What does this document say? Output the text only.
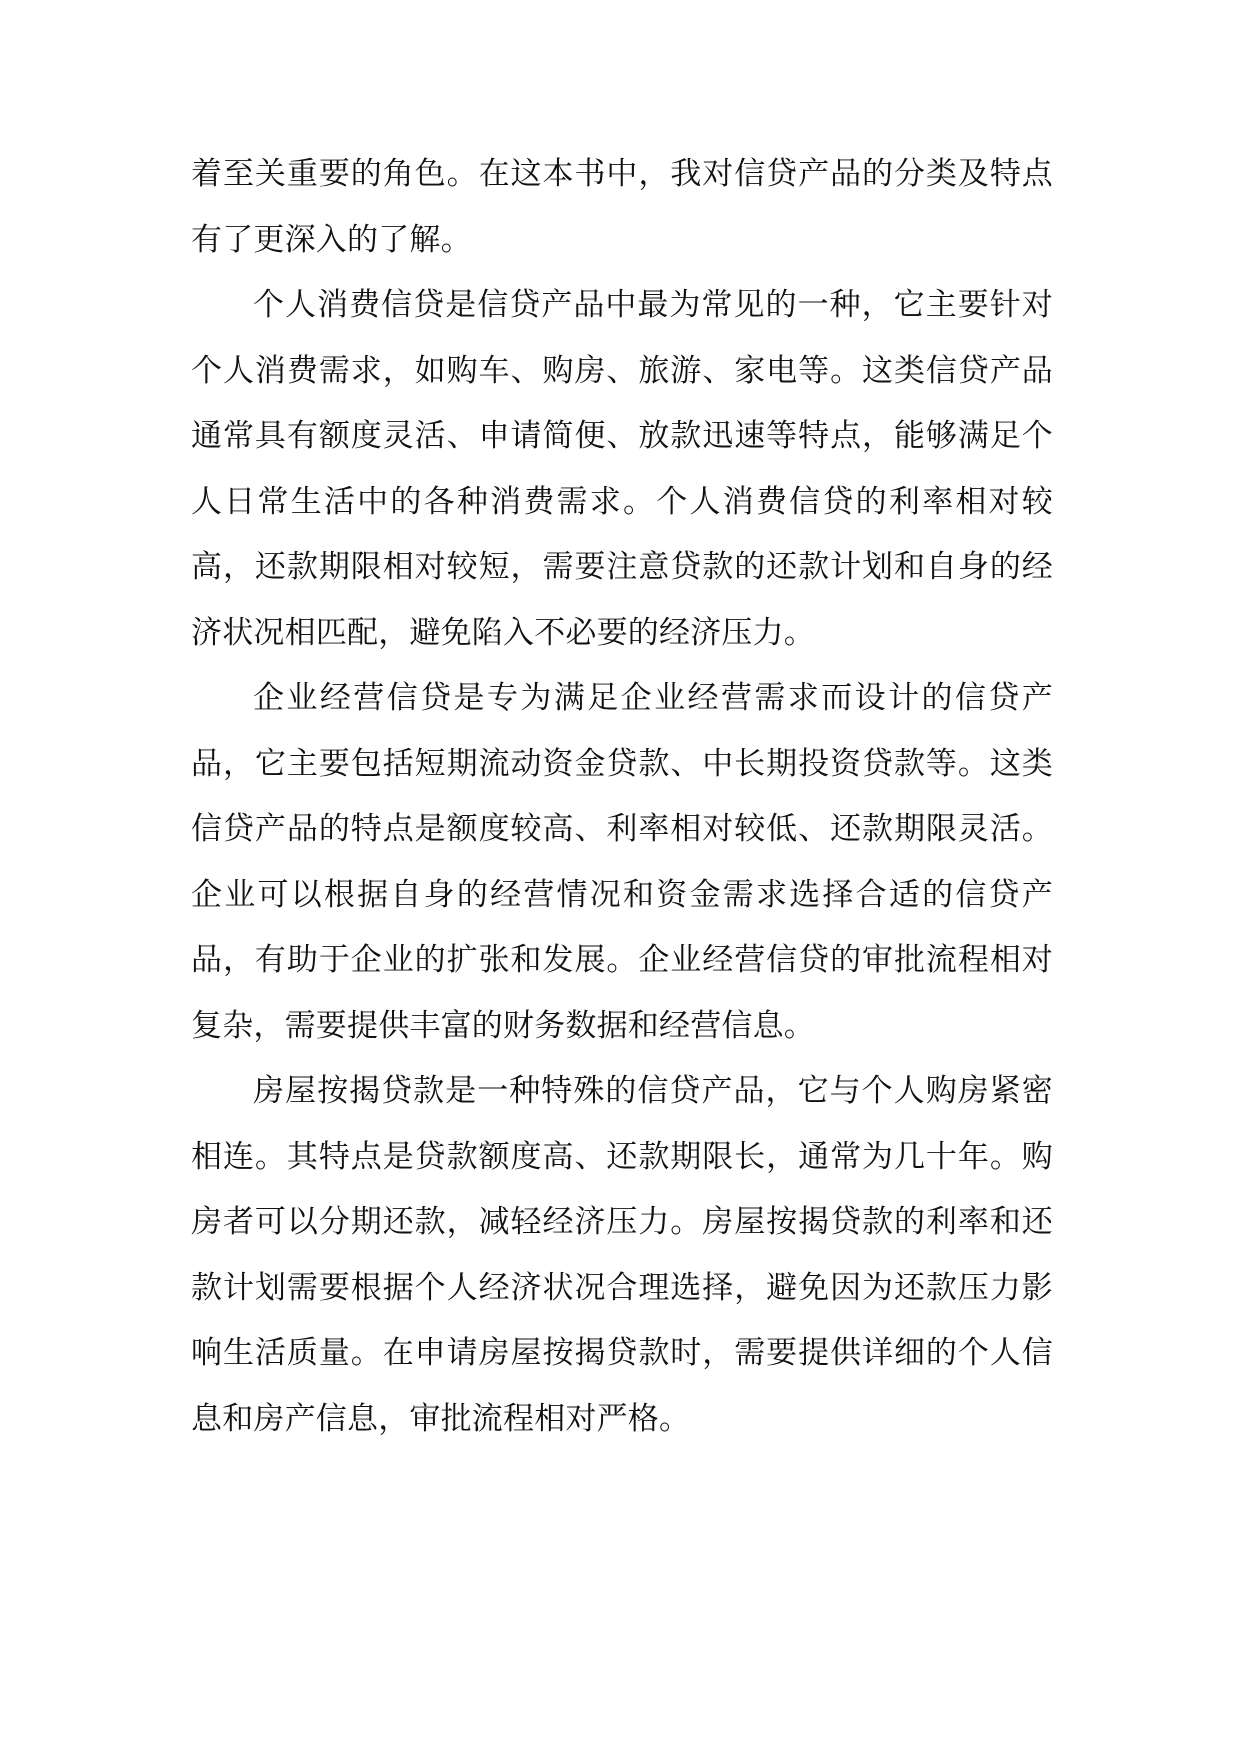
着至关重要的角色。在这本书中，我对信贷产品的分类及特点有了更深入的了解。

个人消费信贷是信贷产品中最为常见的一种，它主要针对个人消费需求，如购车、购房、旅游、家电等。这类信贷产品通常具有额度灵活、申请简便、放款迅速等特点，能够满足个人日常生活中的各种消费需求。个人消费信贷的利率相对较高，还款期限相对较短，需要注意贷款的还款计划和自身的经济状况相匹配，避免陷入不必要的经济压力。

企业经营信贷是专为满足企业经营需求而设计的信贷产品，它主要包括短期流动资金贷款、中长期投资贷款等。这类信贷产品的特点是额度较高、利率相对较低、还款期限灵活。企业可以根据自身的经营情况和资金需求选择合适的信贷产品，有助于企业的扩张和发展。企业经营信贷的审批流程相对复杂，需要提供丰富的财务数据和经营信息。

房屋按揭贷款是一种特殊的信贷产品，它与个人购房紧密相连。其特点是贷款额度高、还款期限长，通常为几十年。购房者可以分期还款，减轻经济压力。房屋按揭贷款的利率和还款计划需要根据个人经济状况合理选择，避免因为还款压力影响生活质量。在申请房屋按揭贷款时，需要提供详细的个人信息和房产信息，审批流程相对严格。
